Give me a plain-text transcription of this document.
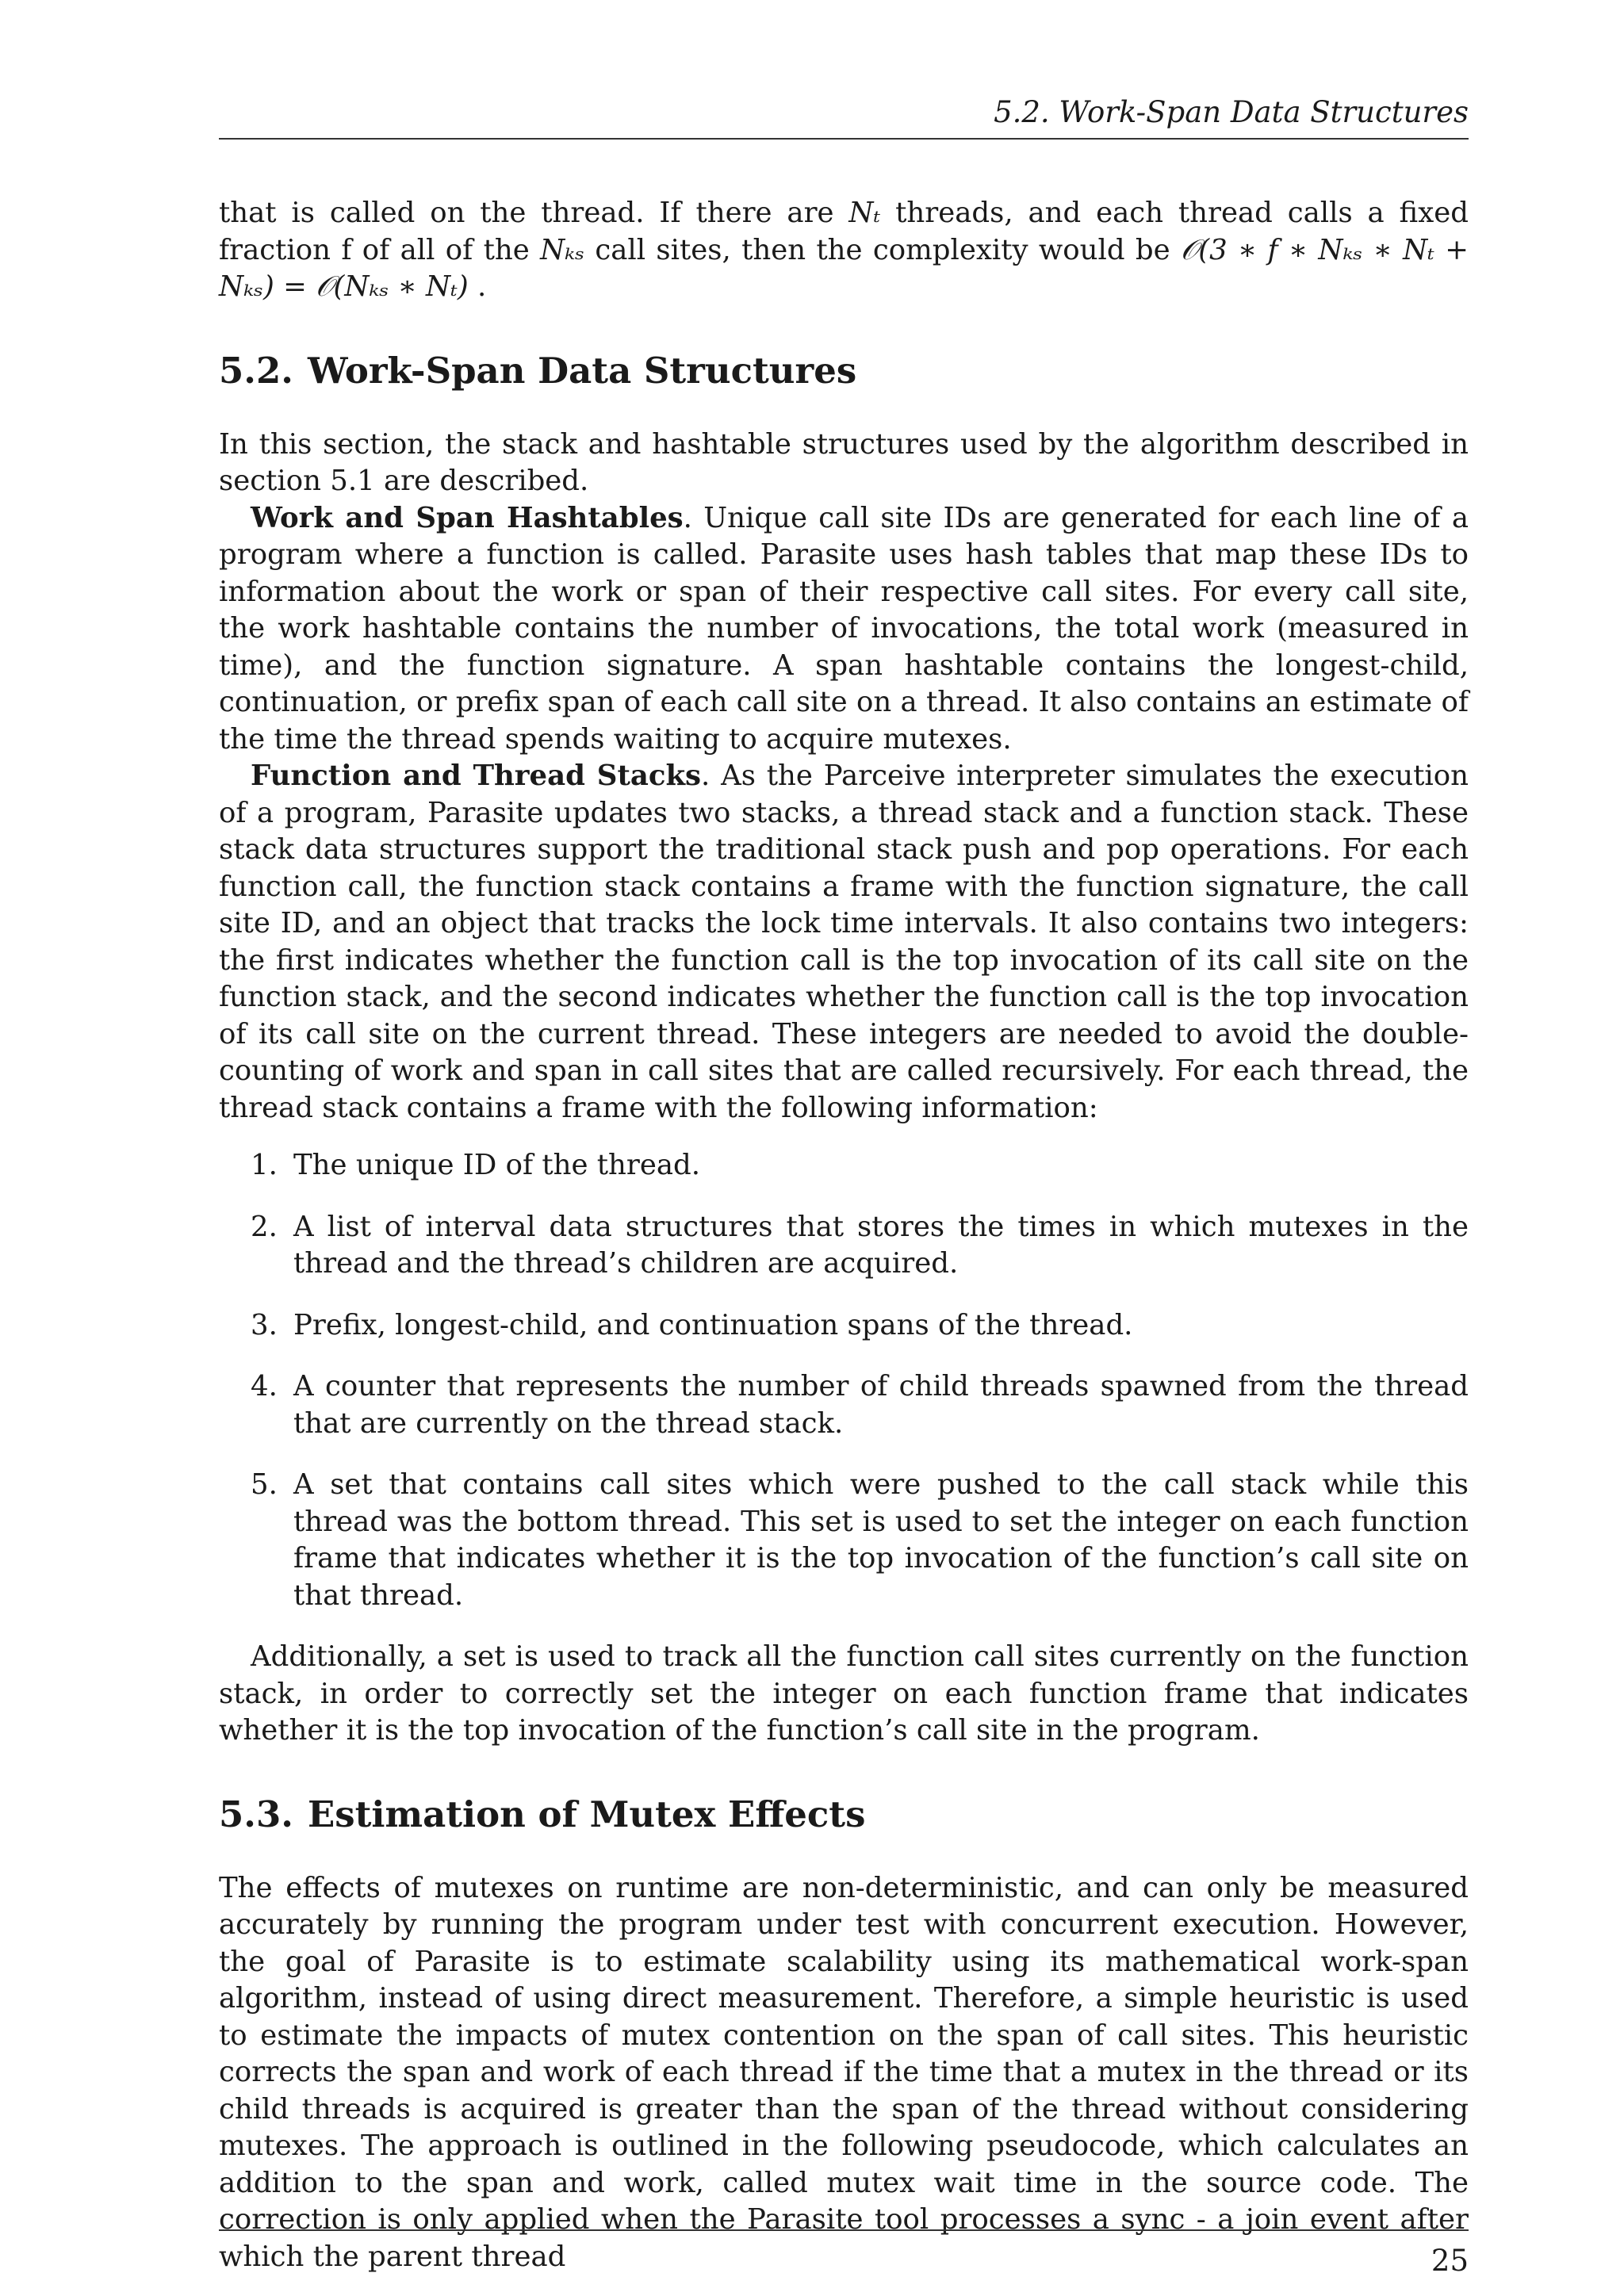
5.2. Work-Span Data Structures

that is called on the thread. If there are Nₜ threads, and each thread calls a fixed fraction f of all of the Nₖₛ call sites, then the complexity would be 𝒪(3 ∗ f ∗ Nₖₛ ∗ Nₜ + Nₖₛ) = 𝒪(Nₖₛ ∗ Nₜ) .

5.2. Work-Span Data Structures

In this section, the stack and hashtable structures used by the algorithm described in section 5.1 are described.

Work and Span Hashtables. Unique call site IDs are generated for each line of a program where a function is called. Parasite uses hash tables that map these IDs to information about the work or span of their respective call sites. For every call site, the work hashtable contains the number of invocations, the total work (measured in time), and the function signature. A span hashtable contains the longest-child, continuation, or prefix span of each call site on a thread. It also contains an estimate of the time the thread spends waiting to acquire mutexes.

Function and Thread Stacks. As the Parceive interpreter simulates the execution of a program, Parasite updates two stacks, a thread stack and a function stack. These stack data structures support the traditional stack push and pop operations. For each function call, the function stack contains a frame with the function signature, the call site ID, and an object that tracks the lock time intervals. It also contains two integers: the first indicates whether the function call is the top invocation of its call site on the function stack, and the second indicates whether the function call is the top invocation of its call site on the current thread. These integers are needed to avoid the double-counting of work and span in call sites that are called recursively. For each thread, the thread stack contains a frame with the following information:

1. The unique ID of the thread.
2. A list of interval data structures that stores the times in which mutexes in the thread and the thread’s children are acquired.
3. Prefix, longest-child, and continuation spans of the thread.
4. A counter that represents the number of child threads spawned from the thread that are currently on the thread stack.
5. A set that contains call sites which were pushed to the call stack while this thread was the bottom thread. This set is used to set the integer on each function frame that indicates whether it is the top invocation of the function’s call site on that thread.

Additionally, a set is used to track all the function call sites currently on the function stack, in order to correctly set the integer on each function frame that indicates whether it is the top invocation of the function’s call site in the program.

5.3. Estimation of Mutex Effects

The effects of mutexes on runtime are non-deterministic, and can only be measured accurately by running the program under test with concurrent execution. However, the goal of Parasite is to estimate scalability using its mathematical work-span algorithm, instead of using direct measurement. Therefore, a simple heuristic is used to estimate the impacts of mutex contention on the span of call sites. This heuristic corrects the span and work of each thread if the time that a mutex in the thread or its child threads is acquired is greater than the span of the thread without considering mutexes. The approach is outlined in the following pseudocode, which calculates an addition to the span and work, called mutex wait time in the source code. The correction is only applied when the Parasite tool processes a sync - a join event after which the parent thread	25
